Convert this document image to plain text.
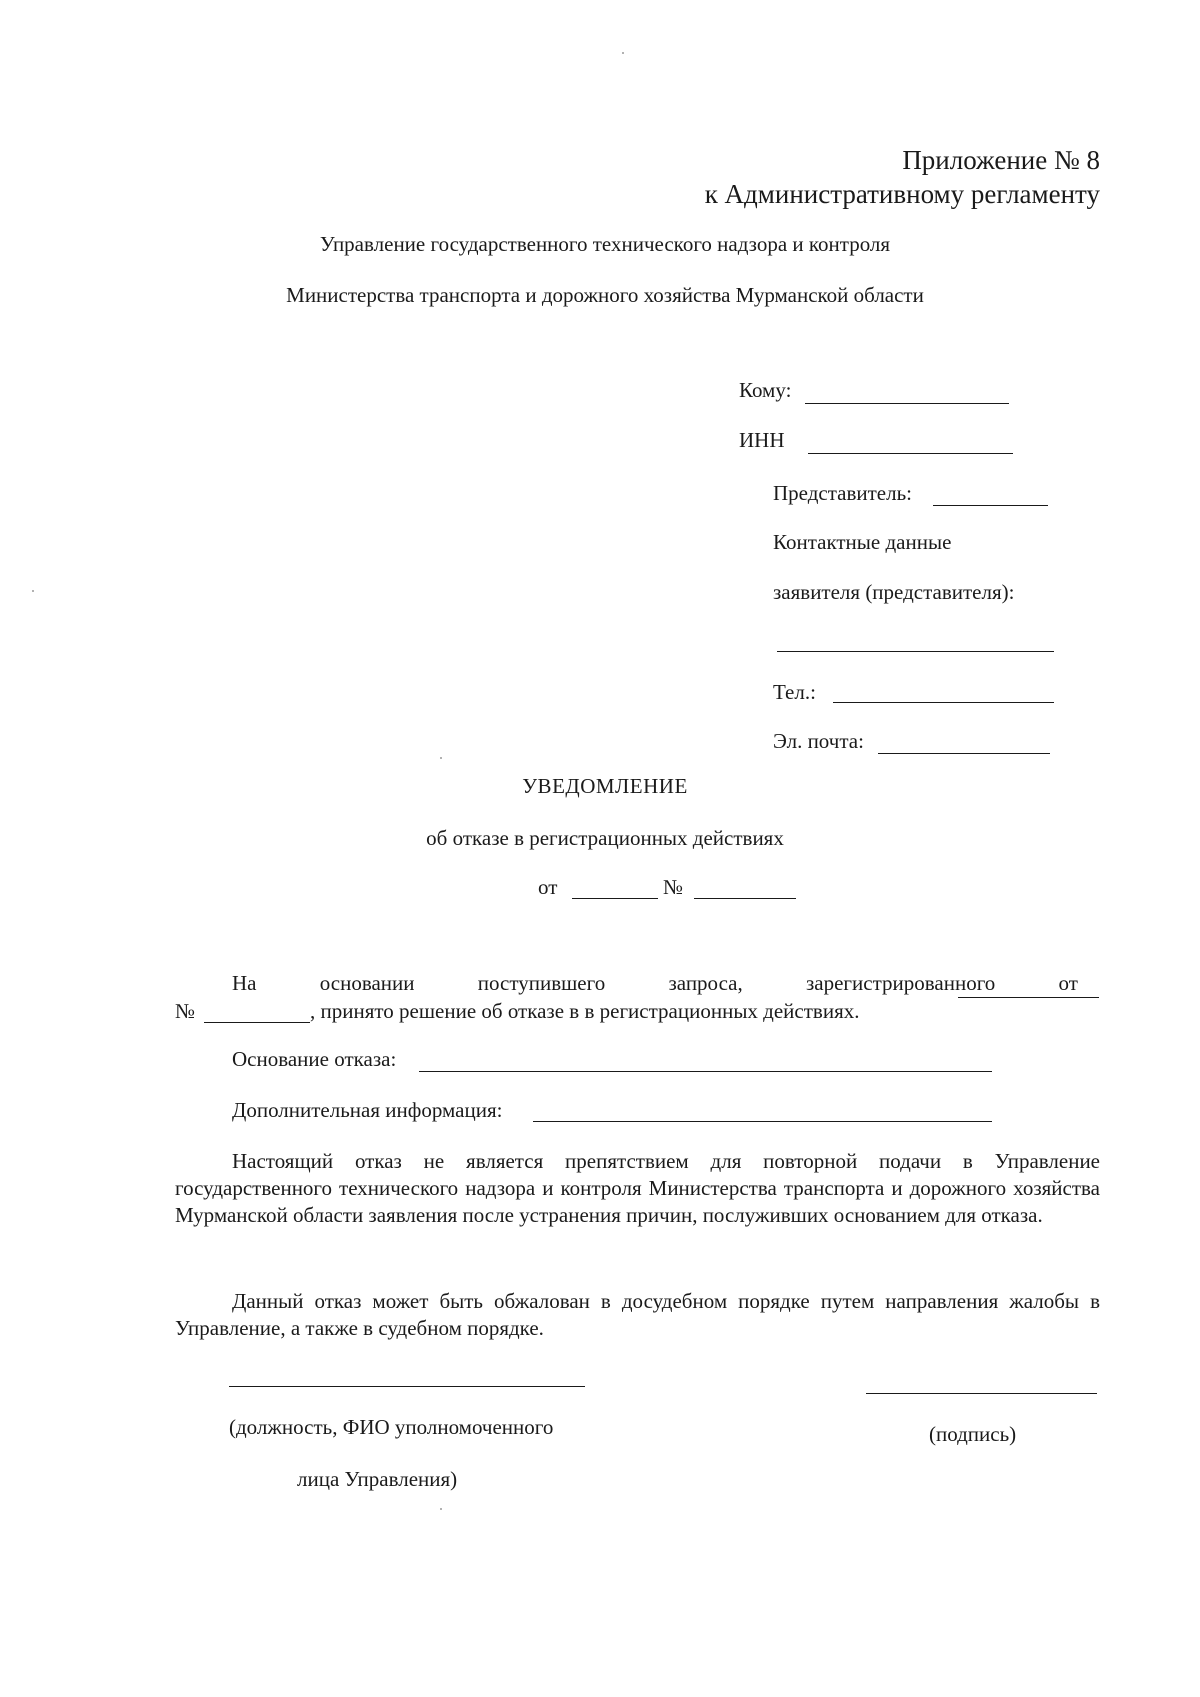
Приложение № 8
к Административному регламенту
Управление государственного технического надзора и контроля
Министерства транспорта и дорожного хозяйства Мурманской области
Кому:
ИНН
Представитель:
Контактные данные
заявителя (представителя):
Тел.:
Эл. почта:
УВЕДОМЛЕНИЕ
об отказе в регистрационных действиях
от	№
На	основании	поступившего	запроса,	зарегистрированного	от
№	, принято решение об отказе в в регистрационных действиях.
Основание отказа:
Дополнительная информация:
Настоящий отказ не является препятствием для повторной подачи в Управление государственного технического надзора и контроля Министерства транспорта и дорожного хозяйства Мурманской области заявления после устранения причин, послуживших основанием для отказа.
Данный отказ может быть обжалован в досудебном порядке путем направления жалобы в Управление, а также в судебном порядке.
(должность, ФИО уполномоченного
лица Управления)
(подпись)
